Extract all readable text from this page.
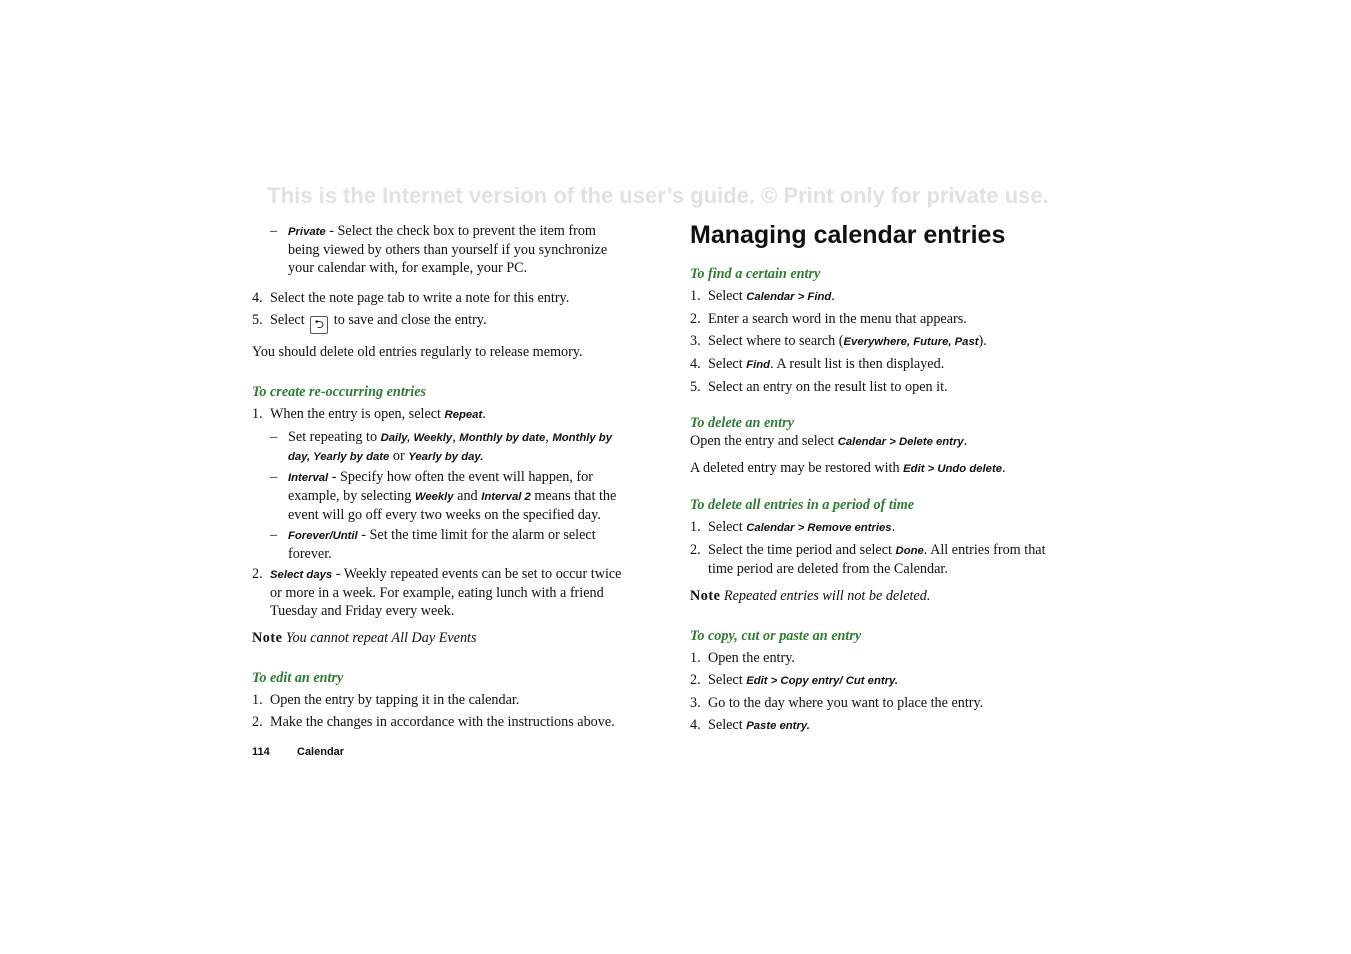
This is the Internet version of the user’s guide. © Print only for private use.
– Private - Select the check box to prevent the item from being viewed by others than yourself if you synchronize your calendar with, for example, your PC.
4. Select the note page tab to write a note for this entry.
5. Select ⮌ to save and close the entry.

You should delete old entries regularly to release memory.

To create re-occurring entries
1. When the entry is open, select Repeat.
– Set repeating to Daily, Weekly, Monthly by date, Monthly by day, Yearly by date or Yearly by day.
– Interval - Specify how often the event will happen, for example, by selecting Weekly and Interval 2 means that the event will go off every two weeks on the specified day.
– Forever/Until - Set the time limit for the alarm or select forever.
2. Select days - Weekly repeated events can be set to occur twice or more in a week. For example, eating lunch with a friend Tuesday and Friday every week.

Note You cannot repeat All Day Events

To edit an entry
1. Open the entry by tapping it in the calendar.
2. Make the changes in accordance with the instructions above.
Managing calendar entries
To find a certain entry
1. Select Calendar > Find.
2. Enter a search word in the menu that appears.
3. Select where to search (Everywhere, Future, Past).
4. Select Find. A result list is then displayed.
5. Select an entry on the result list to open it.
To delete an entry

Open the entry and select Calendar > Delete entry.

A deleted entry may be restored with Edit > Undo delete.

To delete all entries in a period of time
1. Select Calendar > Remove entries.
2. Select the time period and select Done. All entries from that time period are deleted from the Calendar.

Note Repeated entries will not be deleted.

To copy, cut or paste an entry
1. Open the entry.
2. Select Edit > Copy entry/ Cut entry.
3. Go to the day where you want to place the entry.
4. Select Paste entry.
114 Calendar
